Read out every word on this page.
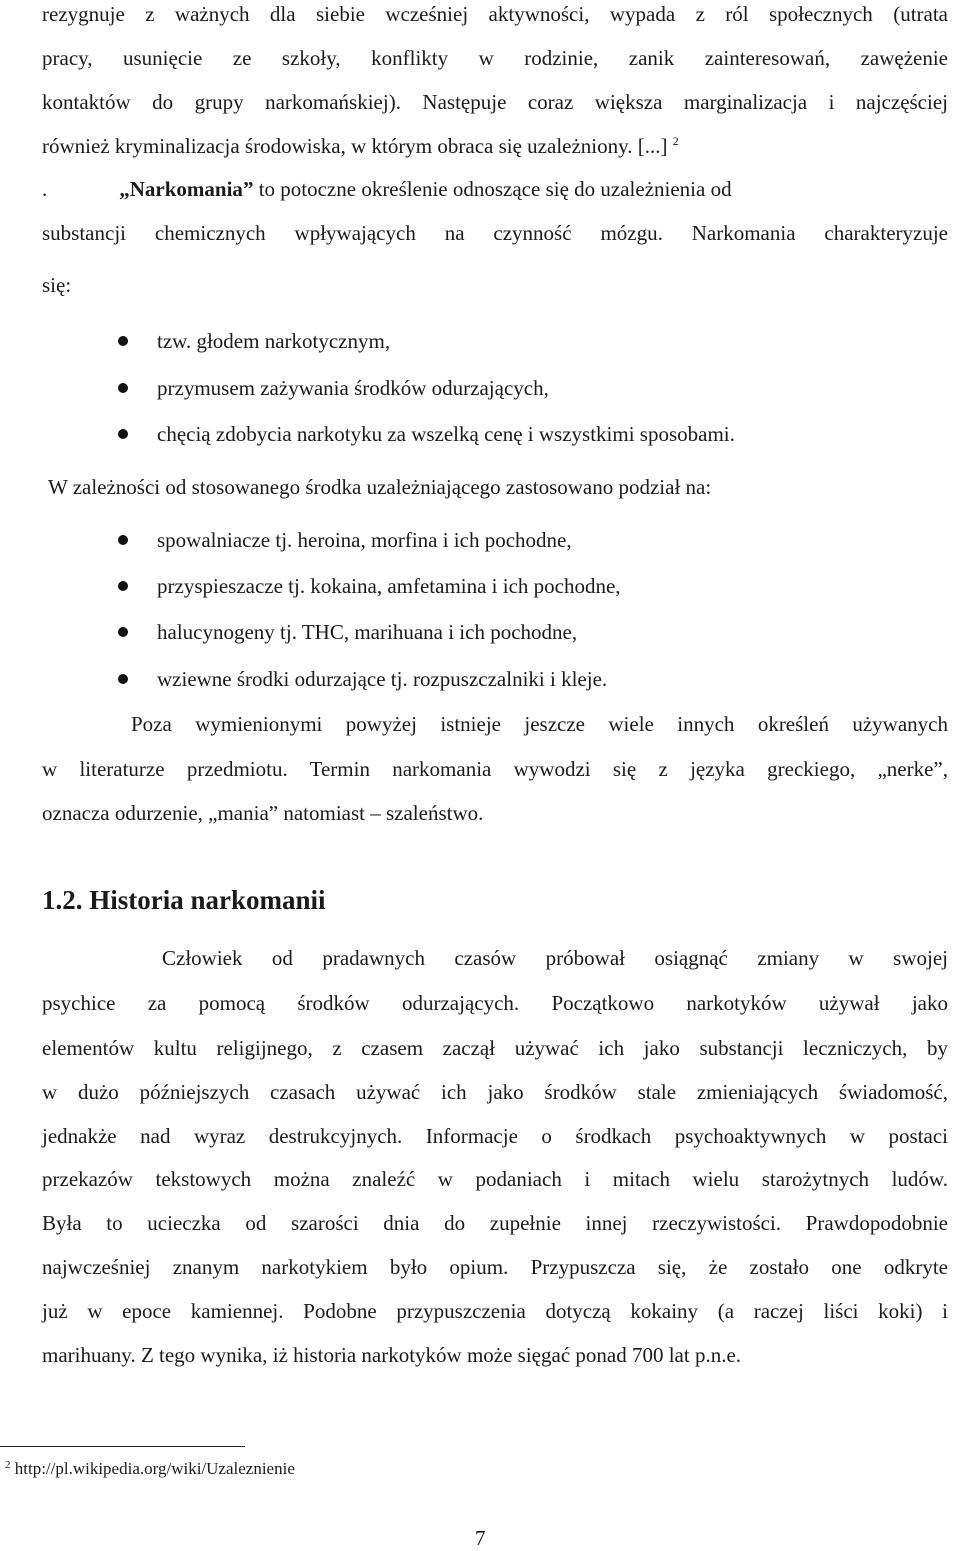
rezygnuje z ważnych dla siebie wcześniej aktywności, wypada z ról społecznych (utrata

pracy, usunięcie ze szkoły, konflikty w rodzinie, zanik zainteresowań, zawężenie

kontaktów do grupy narkomańskiej). Następuje coraz większa marginalizacja i najczęściej

również kryminalizacja środowiska, w którym obraca się uzależniony. [...] $^2$

.	„Narkomania” to potoczne określenie odnoszące się do uzależnienia od

substancji chemicznych wpływających na czynność mózgu. Narkomania charakteryzuje

się:

tzw. głodem narkotycznym,
przymusem zażywania środków odurzających,
chęcią zdobycia narkotyku za wszelką cenę i wszystkimi sposobami.

W zależności od stosowanego środka uzależniającego zastosowano podział na:

spowalniacze tj. heroina, morfina i ich pochodne,
przyspieszacze tj. kokaina, amfetamina i ich pochodne,
halucynogeny tj. THC, marihuana i ich pochodne,
wziewne środki odurzające tj. rozpuszczalniki i kleje.

Poza wymienionymi powyżej istnieje jeszcze wiele innych określeń używanych

w literaturze przedmiotu. Termin narkomania wywodzi się z języka greckiego, „nerke”,

oznacza odurzenie, „mania” natomiast – szaleństwo.

1.2. Historia narkomanii

Człowiek od pradawnych czasów próbował osiągnąć zmiany w swojej

psychice za pomocą środków odurzających. Początkowo narkotyków używał jako

elementów kultu religijnego, z czasem zaczął używać ich jako substancji leczniczych, by

w dużo późniejszych czasach używać ich jako środków stale zmieniających świadomość,

jednakże nad wyraz destrukcyjnych. Informacje o środkach psychoaktywnych w postaci

przekazów tekstowych można znaleźć w podaniach i mitach wielu starożytnych ludów.

Była to ucieczka od szarości dnia do zupełnie innej rzeczywistości. Prawdopodobnie

najwcześniej znanym narkotykiem było opium. Przypuszcza się, że zostało one odkryte

już w epoce kamiennej. Podobne przypuszczenia dotyczą kokainy (a raczej liści koki) i

marihuany. Z tego wynika, iż historia narkotyków może sięgać ponad 700 lat p.n.e.

$^2$ http://pl.wikipedia.org/wiki/Uzaleznienie
7
